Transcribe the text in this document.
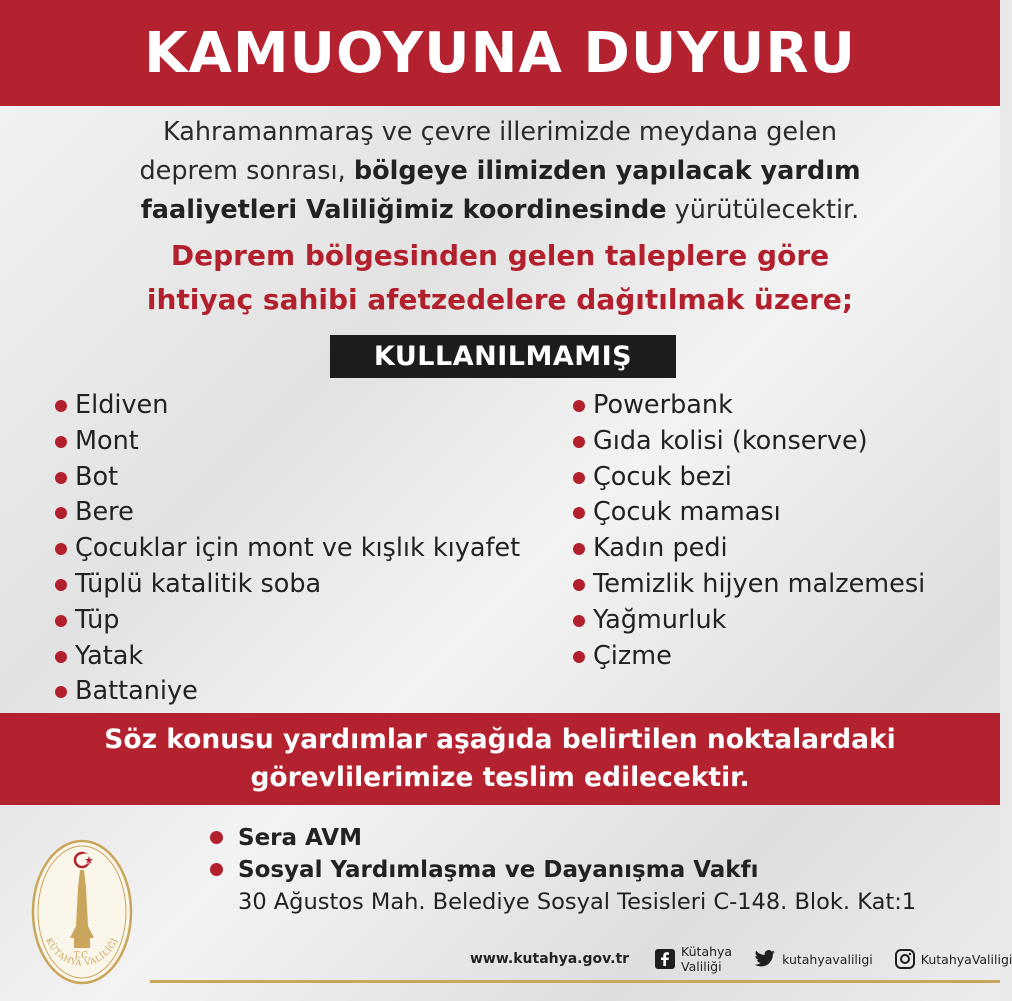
KAMUOYUNA DUYURU
Kahramanmaraş ve çevre illerimizde meydana gelen
deprem sonrası, bölgeye ilimizden yapılacak yardım
faaliyetleri Valiliğimiz koordinesinde yürütülecektir.
Deprem bölgesinden gelen taleplere göre
ihtiyaç sahibi afetzedelere dağıtılmak üzere;
KULLANILMAMIŞ
Eldiven
Mont
Bot
Bere
Çocuklar için mont ve kışlık kıyafet
Tüplü katalitik soba
Tüp
Yatak
Battaniye
Powerbank
Gıda kolisi (konserve)
Çocuk bezi
Çocuk maması
Kadın pedi
Temizlik hijyen malzemesi
Yağmurluk
Çizme
Söz konusu yardımlar aşağıda belirtilen noktalardaki
görevlilerimize teslim edilecektir.
Sera AVM
Sosyal Yardımlaşma ve Dayanışma Vakfı
30 Ağustos Mah. Belediye Sosyal Tesisleri C-148. Blok. Kat:1
T.C.
KÜTAHYA VALİLİĞİ
www.kutahya.gov.tr	Kütahya Valiliği	kutahyavaliligi	KutahyaValiligi
